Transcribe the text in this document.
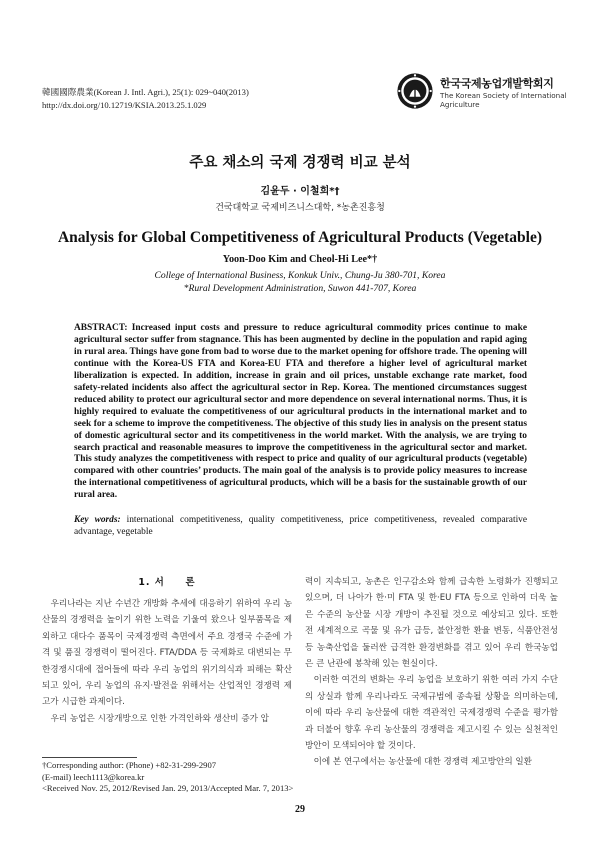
韓國國際農業(Korean J. Intl. Agri.), 25(1): 029~040(2013)
http://dx.doi.org/10.12719/KSIA.2013.25.1.029
한국국제농업개발학회지
The Korean Society of International Agriculture
주요 채소의 국제 경쟁력 비교 분석
김윤두 · 이철희*†
건국대학교 국제비즈니스대학, *농촌진흥청
Analysis for Global Competitiveness of Agricultural Products (Vegetable)
Yoon-Doo Kim and Cheol-Hi Lee*†
College of International Business, Konkuk Univ., Chung-Ju 380-701, Korea
*Rural Development Administration, Suwon 441-707, Korea
ABSTRACT: Increased input costs and pressure to reduce agricultural commodity prices continue to make agricultural sector suffer from stagnance. This has been augmented by decline in the population and rapid aging in rural area. Things have gone from bad to worse due to the market opening for offshore trade. The opening will continue with the Korea-US FTA and Korea-EU FTA and therefore a higher level of agricultural market liberalization is expected. In addition, increase in grain and oil prices, unstable exchange rate market, food safety-related incidents also affect the agricultural sector in Rep. Korea. The mentioned circumstances suggest reduced ability to protect our agricultural sector and more dependence on several international norms. Thus, it is highly required to evaluate the competitiveness of our agricultural products in the international market and to seek for a scheme to improve the competitiveness. The objective of this study lies in analysis on the present status of domestic agricultural sector and its competitiveness in the world market. With the analysis, we are trying to search practical and reasonable measures to improve the competitiveness in the agricultural sector and market. This study analyzes the competitiveness with respect to price and quality of our agricultural products (vegetable) compared with other countries’ products. The main goal of the analysis is to provide policy measures to increase the international competitiveness of agricultural products, which will be a basis for the sustainable growth of our rural area.
Key words: international competitiveness, quality competitiveness, price competitiveness, revealed comparative advantage, vegetable
1. 서　　론

우리나라는 지난 수년간 개방화 추세에 대응하기 위하여 우리 농산물의 경쟁력을 높이기 위한 노력을 기울여 왔으나 일부품목을 제외하고 대다수 품목이 국제경쟁력 측면에서 주요 경쟁국 수준에 가격 및 품질 경쟁력이 떨어진다. FTA/DDA 등 국제화로 대변되는 무한경쟁시대에 접어들에 따라 우리 농업의 위기의식과 피해는 확산되고 있어, 우리 농업의 유지·발전을 위해서는 산업적인 경쟁력 제고가 시급한 과제이다.

우리 농업은 시장개방으로 인한 가격인하와 생산비 증가 압

력이 지속되고, 농촌은 인구감소와 함께 급속한 노령화가 진행되고 있으며, 더 나아가 한·미 FTA 및 한·EU FTA 등으로 인하여 더욱 높은 수준의 농산물 시장 개방이 추진될 것으로 예상되고 있다. 또한 전 세계적으로 곡물 및 유가 급등, 불안정한 환율 변동, 식품안전성 등 농축산업을 둘러싼 급격한 환경변화를 겪고 있어 우리 한국농업은 큰 난관에 봉착해 있는 현실이다.

이러한 여건의 변화는 우리 농업을 보호하기 위한 여러 가지 수단의 상실과 함께 우리나라도 국제규범에 종속될 상황을 의미하는데, 이에 따라 우리 농산물에 대한 객관적인 국제경쟁력 수준을 평가함과 더불어 향후 우리 농산물의 경쟁력을 제고시킬 수 있는 실천적인 방안이 모색되어야 할 것이다.

이에 본 연구에서는 농산물에 대한 경쟁력 제고방안의 일환

†Corresponding author: (Phone) +82-31-299-2907
(E-mail) leech1113@korea.kr
<Received Nov. 25, 2012/Revised Jan. 29, 2013/Accepted Mar. 7, 2013>
29
